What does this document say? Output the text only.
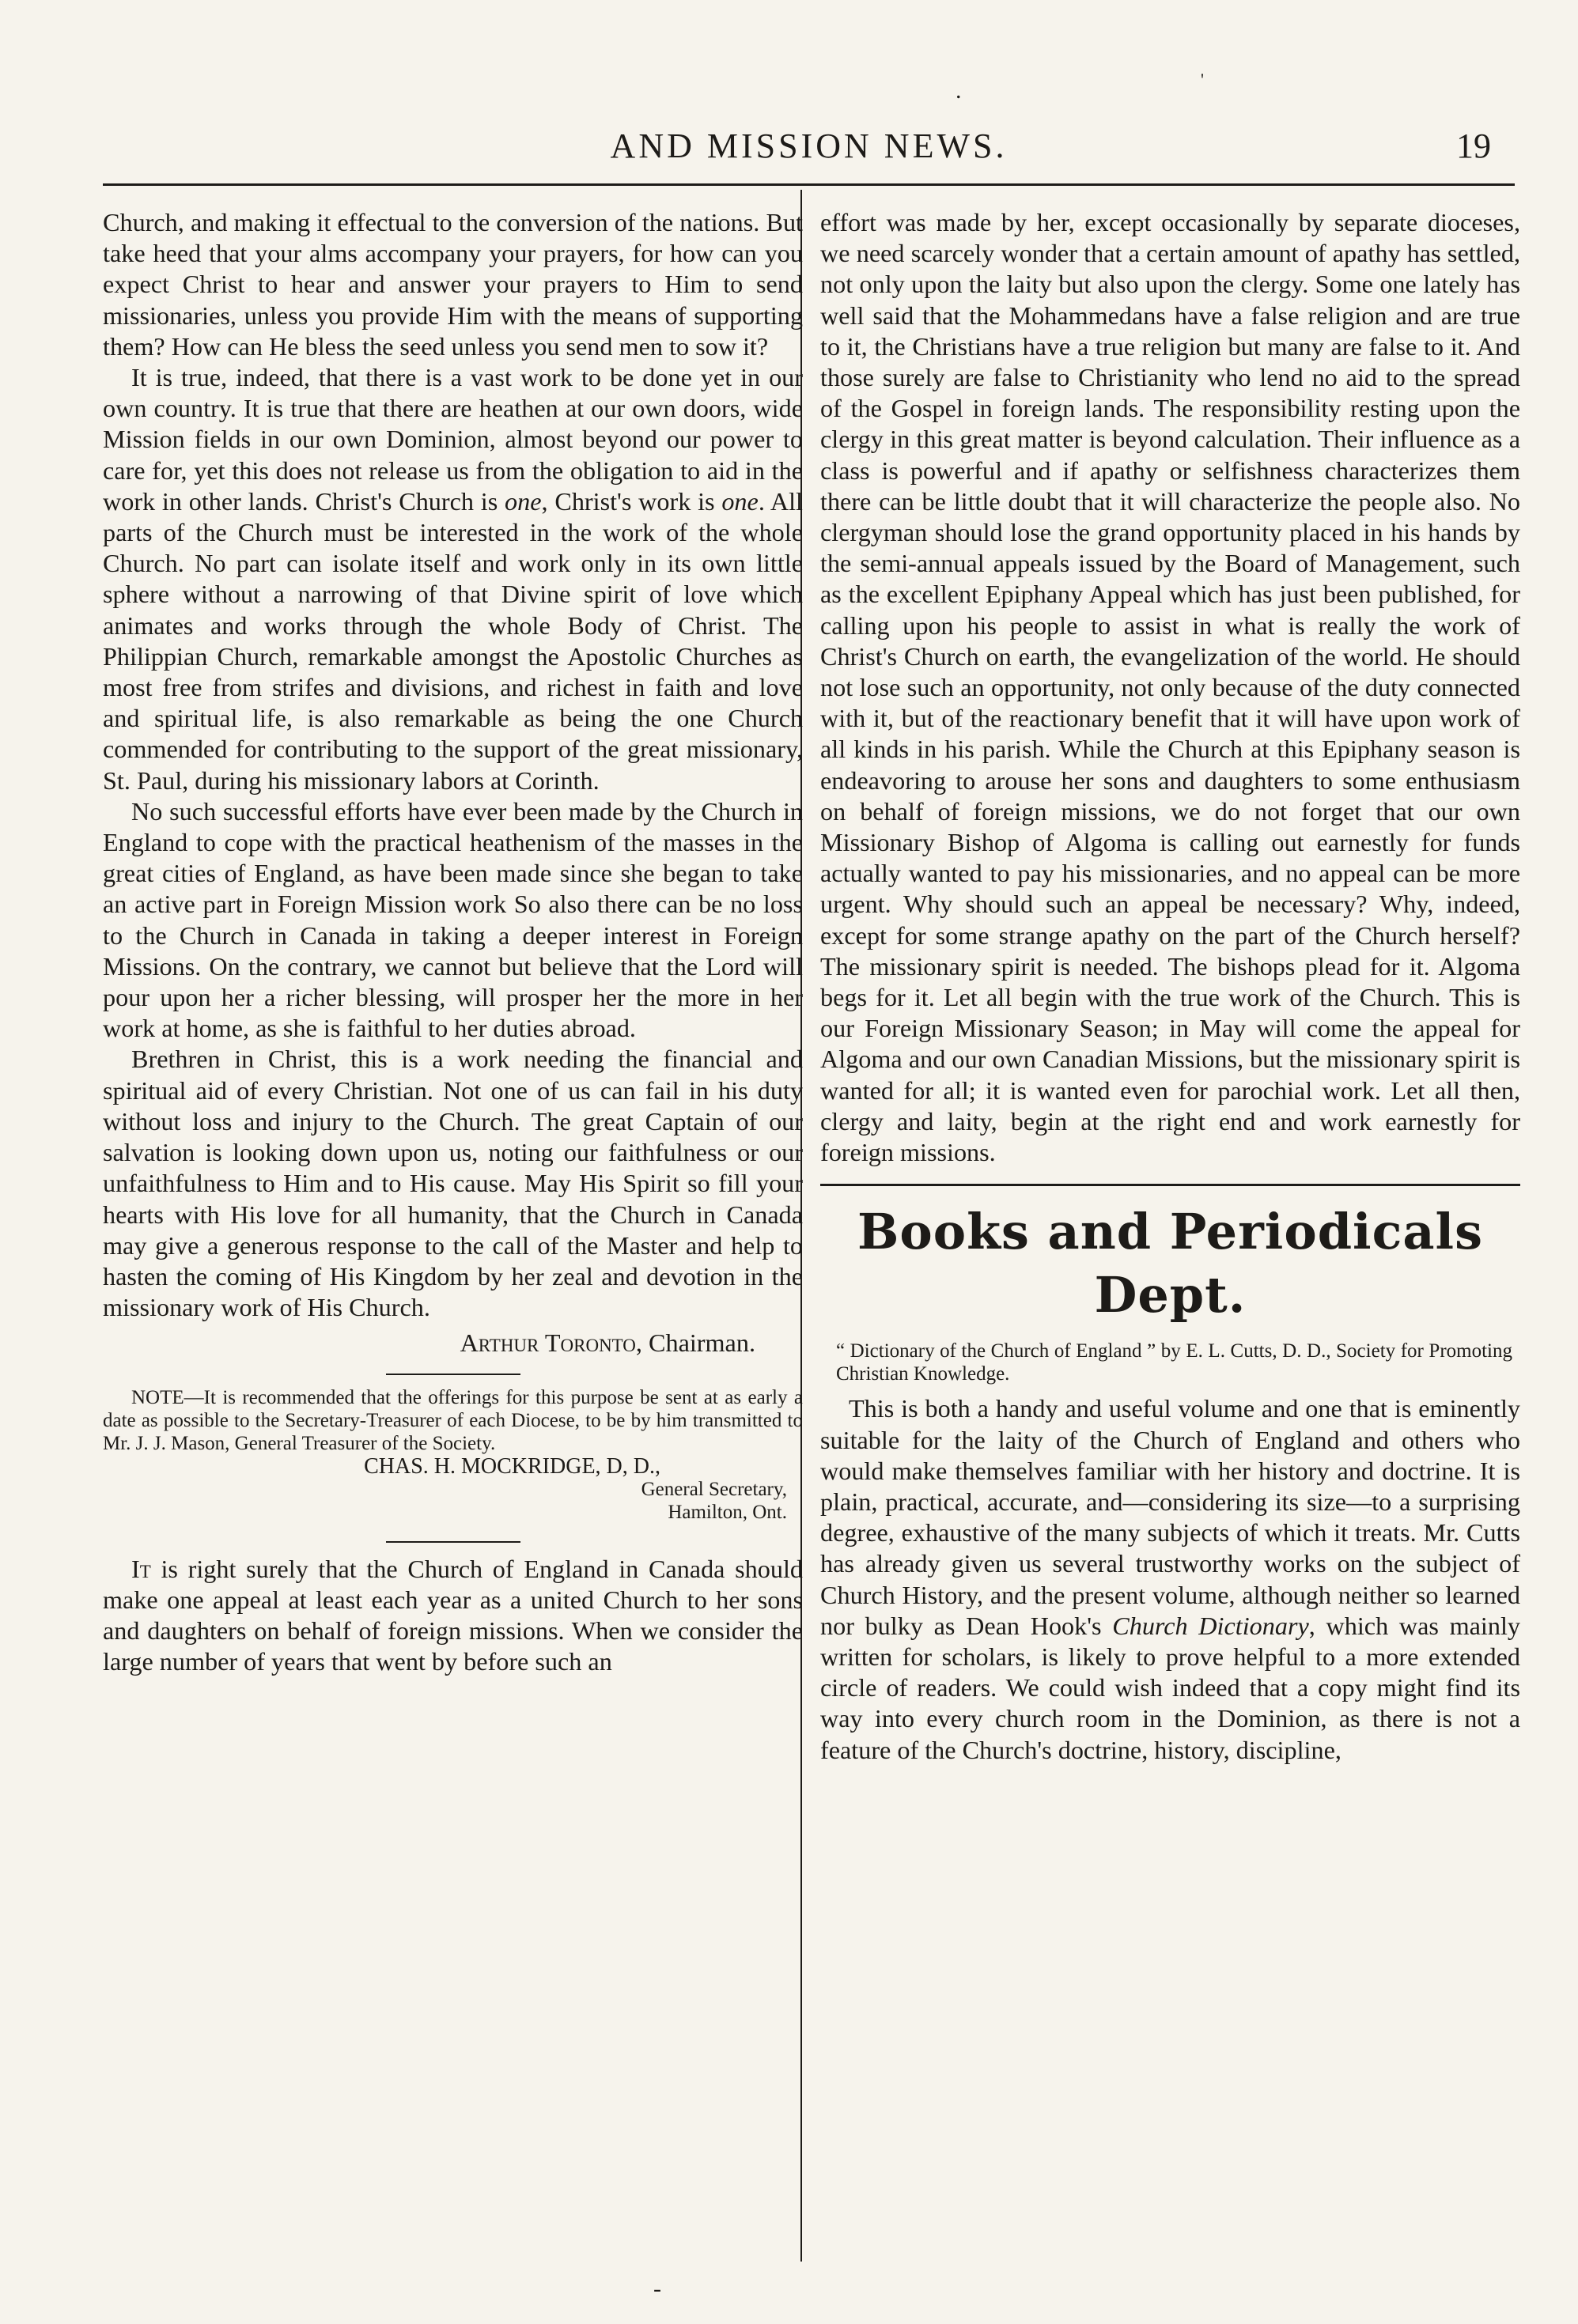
.	'
AND MISSION NEWS.	19

Church, and making it effectual to the conversion of the nations. But take heed that your alms accompany your prayers, for how can you expect Christ to hear and answer your prayers to Him to send missionaries, unless you provide Him with the means of supporting them? How can He bless the seed unless you send men to sow it?

It is true, indeed, that there is a vast work to be done yet in our own country. It is true that there are heathen at our own doors, wide Mission fields in our own Dominion, almost beyond our power to care for, yet this does not release us from the obligation to aid in the work in other lands. Christ's Church is one, Christ's work is one. All parts of the Church must be interested in the work of the whole Church. No part can isolate itself and work only in its own little sphere without a narrowing of that Divine spirit of love which animates and works through the whole Body of Christ. The Philippian Church, remarkable amongst the Apostolic Churches as most free from strifes and divisions, and richest in faith and love and spiritual life, is also remarkable as being the one Church commended for contributing to the support of the great missionary, St. Paul, during his missionary labors at Corinth.

No such successful efforts have ever been made by the Church in England to cope with the practical heathenism of the masses in the great cities of England, as have been made since she began to take an active part in Foreign Mission work So also there can be no loss to the Church in Canada in taking a deeper interest in Foreign Missions. On the contrary, we cannot but believe that the Lord will pour upon her a richer blessing, will prosper her the more in her work at home, as she is faithful to her duties abroad.

Brethren in Christ, this is a work needing the financial and spiritual aid of every Christian. Not one of us can fail in his duty without loss and injury to the Church. The great Captain of our salvation is looking down upon us, noting our faithfulness or our unfaithfulness to Him and to His cause. May His Spirit so fill your hearts with His love for all humanity, that the Church in Canada may give a generous response to the call of the Master and help to hasten the coming of His Kingdom by her zeal and devotion in the missionary work of His Church.

Arthur Toronto, Chairman.

NOTE—It is recommended that the offerings for this purpose be sent at as early a date as possible to the Secretary-Treasurer of each Diocese, to be by him transmitted to Mr. J. J. Mason, General Treasurer of the Society.

CHAS. H. MOCKRIDGE, D, D.,
General Secretary,
Hamilton, Ont.

It is right surely that the Church of England in Canada should make one appeal at least each year as a united Church to her sons and daughters on behalf of foreign missions. When we consider the large number of years that went by before such an

effort was made by her, except occasionally by separate dioceses, we need scarcely wonder that a certain amount of apathy has settled, not only upon the laity but also upon the clergy. Some one lately has well said that the Mohammedans have a false religion and are true to it, the Christians have a true religion but many are false to it. And those surely are false to Christianity who lend no aid to the spread of the Gospel in foreign lands. The responsibility resting upon the clergy in this great matter is beyond calculation. Their influence as a class is powerful and if apathy or selfishness characterizes them there can be little doubt that it will characterize the people also. No clergyman should lose the grand opportunity placed in his hands by the semi-annual appeals issued by the Board of Management, such as the excellent Epiphany Appeal which has just been published, for calling upon his people to assist in what is really the work of Christ's Church on earth, the evangelization of the world. He should not lose such an opportunity, not only because of the duty connected with it, but of the reactionary benefit that it will have upon work of all kinds in his parish. While the Church at this Epiphany season is endeavoring to arouse her sons and daughters to some enthusiasm on behalf of foreign missions, we do not forget that our own Missionary Bishop of Algoma is calling out earnestly for funds actually wanted to pay his missionaries, and no appeal can be more urgent. Why should such an appeal be necessary? Why, indeed, except for some strange apathy on the part of the Church herself? The missionary spirit is needed. The bishops plead for it. Algoma begs for it. Let all begin with the true work of the Church. This is our Foreign Missionary Season; in May will come the appeal for Algoma and our own Canadian Missions, but the missionary spirit is wanted for all; it is wanted even for parochial work. Let all then, clergy and laity, begin at the right end and work earnestly for foreign missions.

Books and Periodicals Dept.

“ Dictionary of the Church of England ” by E. L. Cutts, D. D., Society for Promoting Christian Knowledge.

This is both a handy and useful volume and one that is eminently suitable for the laity of the Church of England and others who would make themselves familiar with her history and doctrine. It is plain, practical, accurate, and—considering its size—to a surprising degree, exhaustive of the many subjects of which it treats. Mr. Cutts has already given us several trustworthy works on the subject of Church History, and the present volume, although neither so learned nor bulky as Dean Hook's Church Dictionary, which was mainly written for scholars, is likely to prove helpful to a more extended circle of readers. We could wish indeed that a copy might find its way into every church room in the Dominion, as there is not a feature of the Church's doctrine, history, discipline,

-
